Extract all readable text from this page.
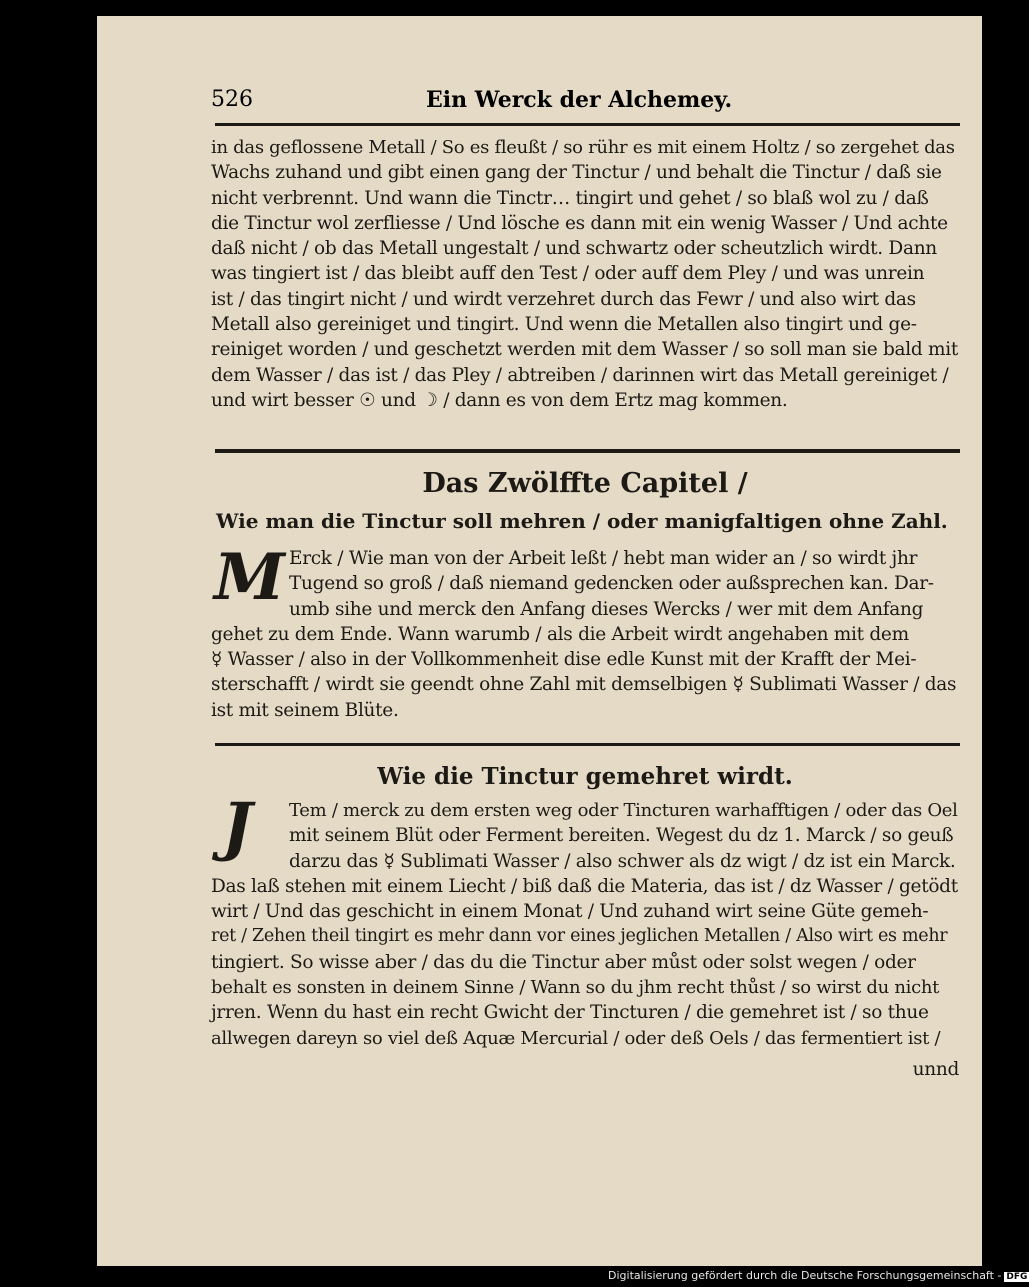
526	Ein Werck der Alchemey.

in das geflossene Metall / So es fleußt / so rühr es mit einem Holtz / so zergehet das

Wachs zuhand und gibt einen gang der Tinctur / und behalt die Tinctur / daß sie

nicht verbrennt. Und wann die Tinctr… tingirt und gehet / so blaß wol zu / daß

die Tinctur wol zerfliesse / Und lösche es dann mit ein wenig Wasser / Und achte

daß nicht / ob das Metall ungestalt / und schwartz oder scheutzlich wirdt. Dann

was tingiert ist / das bleibt auff den Test / oder auff dem Pley / und was unrein

ist / das tingirt nicht / und wirdt verzehret durch das Fewr / und also wirt das

Metall also gereiniget und tingirt. Und wenn die Metallen also tingirt und ge-

reiniget worden / und geschetzt werden mit dem Wasser / so soll man sie bald mit

dem Wasser / das ist / das Pley / abtreiben / darinnen wirt das Metall gereiniget /

und wirt besser ☉ und ☽ / dann es von dem Ertz mag kommen.

Das Zwölffte Capitel /
Wie man die Tinctur soll mehren / oder manigfaltigen ohne Zahl.
M Erck / Wie man von der Arbeit leßt / hebt man wider an / so wirdt jhr

Tugend so groß / daß niemand gedencken oder außsprechen kan. Dar-

umb sihe und merck den Anfang dieses Wercks / wer mit dem Anfang

gehet zu dem Ende. Wann warumb / als die Arbeit wirdt angehaben mit dem

☿ Wasser / also in der Vollkommenheit dise edle Kunst mit der Krafft der Mei-

sterschafft / wirdt sie geendt ohne Zahl mit demselbigen ☿ Sublimati Wasser / das

ist mit seinem Blüte.

Wie die Tinctur gemehret wirdt.
J	Tem / merck zu dem ersten weg oder Tincturen warhafftigen / oder das Oel

mit seinem Blüt oder Ferment bereiten. Wegest du dz 1. Marck / so geuß

darzu das ☿ Sublimati Wasser / also schwer als dz wigt / dz ist ein Marck.

Das laß stehen mit einem Liecht / biß daß die Materia, das ist / dz Wasser / getödt

wirt / Und das geschicht in einem Monat / Und zuhand wirt seine Güte gemeh-

ret / Zehen theil tingirt es mehr dann vor eines jeglichen Metallen / Also wirt es mehr

tingiert. So wisse aber / das du die Tinctur aber můst oder solst wegen / oder

behalt es sonsten in deinem Sinne / Wann so du jhm recht thůst / so wirst du nicht

jrren. Wenn du hast ein recht Gwicht der Tincturen / die gemehret ist / so thue

allwegen dareyn so viel deß Aquæ Mercurial / oder deß Oels / das fermentiert ist /

unnd
Digitalisierung gefördert durch die Deutsche Forschungsgemeinschaft - DFG
